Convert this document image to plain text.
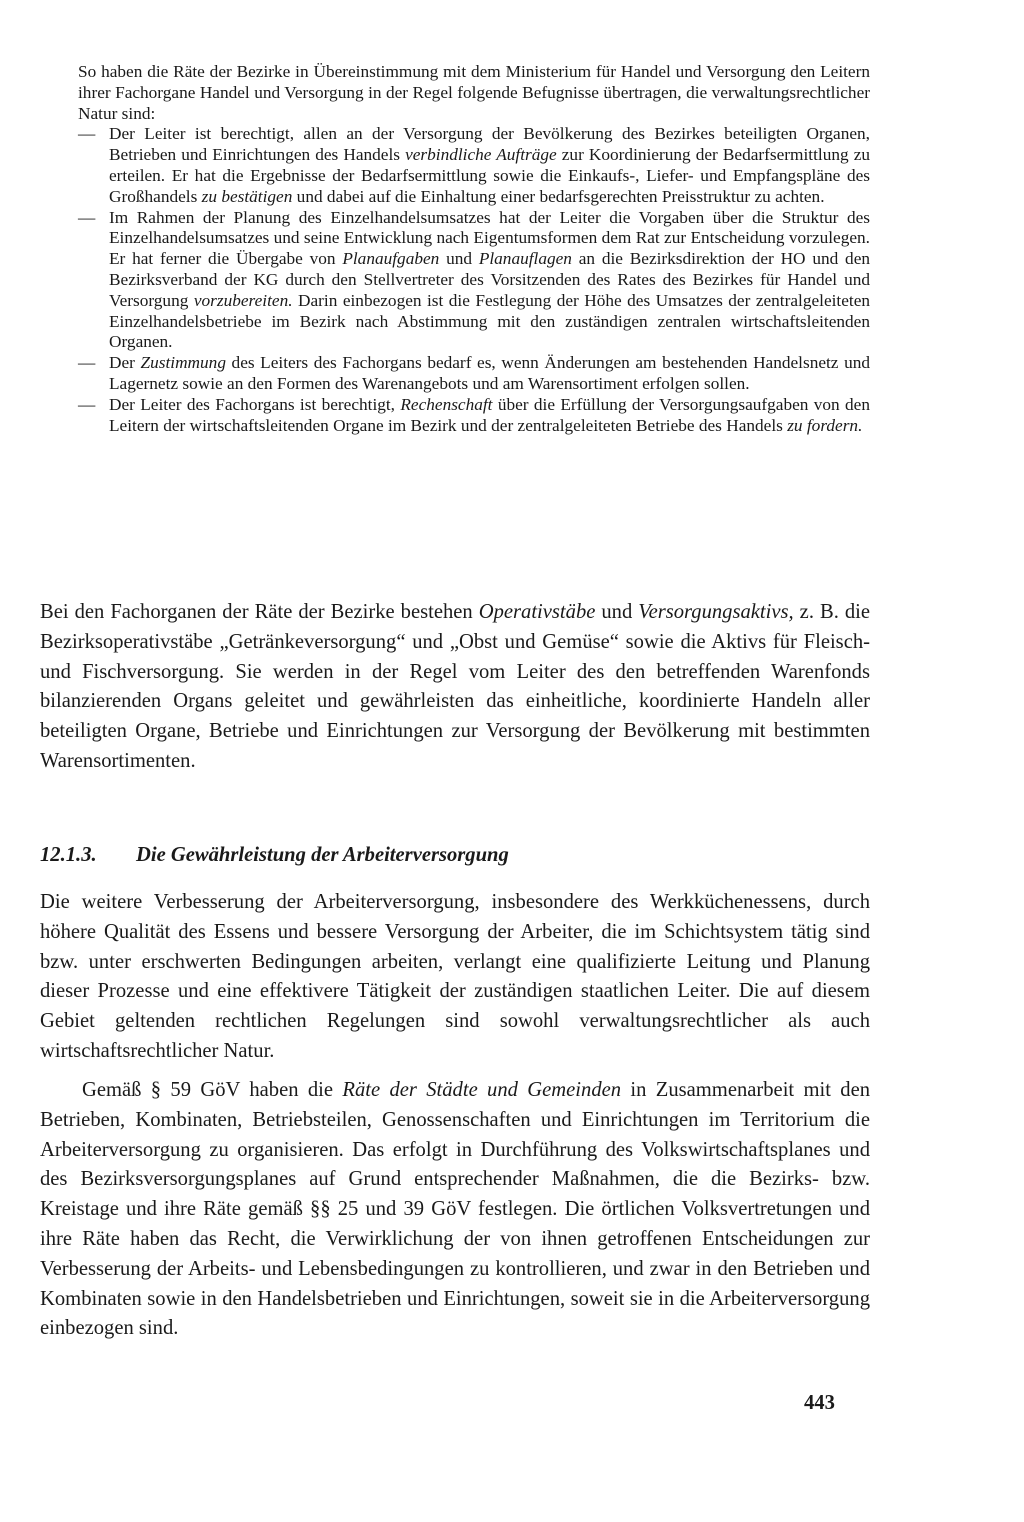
So haben die Räte der Bezirke in Übereinstimmung mit dem Ministerium für Handel und Versorgung den Leitern ihrer Fachorgane Handel und Versorgung in der Regel folgende Befugnisse übertragen, die verwaltungsrechtlicher Natur sind:

— Der Leiter ist berechtigt, allen an der Versorgung der Bevölkerung des Bezirkes beteiligten Organen, Betrieben und Einrichtungen des Handels verbindliche Aufträge zur Koordinierung der Bedarfsermittlung zu erteilen. Er hat die Ergebnisse der Bedarfsermittlung sowie die Einkaufs-, Liefer- und Empfangspläne des Großhandels zu bestätigen und dabei auf die Einhaltung einer bedarfsgerechten Preisstruktur zu achten.
— Im Rahmen der Planung des Einzelhandelsumsatzes hat der Leiter die Vorgaben über die Struktur des Einzelhandelsumsatzes und seine Entwicklung nach Eigentumsformen dem Rat zur Entscheidung vorzulegen. Er hat ferner die Übergabe von Planaufgaben und Planauflagen an die Bezirksdirektion der HO und den Bezirksverband der KG durch den Stellvertreter des Vorsitzenden des Rates des Bezirkes für Handel und Versorgung vorzubereiten. Darin einbezogen ist die Festlegung der Höhe des Umsatzes der zentralgeleiteten Einzelhandelsbetriebe im Bezirk nach Abstimmung mit den zuständigen zentralen wirtschaftsleitenden Organen.
— Der Zustimmung des Leiters des Fachorgans bedarf es, wenn Änderungen am bestehenden Handelsnetz und Lagernetz sowie an den Formen des Warenangebots und am Warensortiment erfolgen sollen.
— Der Leiter des Fachorgans ist berechtigt, Rechenschaft über die Erfüllung der Versorgungsaufgaben von den Leitern der wirtschaftsleitenden Organe im Bezirk und der zentralgeleiteten Betriebe des Handels zu fordern.

Bei den Fachorganen der Räte der Bezirke bestehen Operativstäbe und Versorgungsaktivs, z. B. die Bezirksoperativstäbe „Getränkeversorgung“ und „Obst und Gemüse“ sowie die Aktivs für Fleisch- und Fischversorgung. Sie werden in der Regel vom Leiter des den betreffenden Warenfonds bilanzierenden Organs geleitet und gewährleisten das einheitliche, koordinierte Handeln aller beteiligten Organe, Betriebe und Einrichtungen zur Versorgung der Bevölkerung mit bestimmten Warensortimenten.

12.1.3. Die Gewährleistung der Arbeiterversorgung

Die weitere Verbesserung der Arbeiterversorgung, insbesondere des Werkküchenessens, durch höhere Qualität des Essens und bessere Versorgung der Arbeiter, die im Schichtsystem tätig sind bzw. unter erschwerten Bedingungen arbeiten, verlangt eine qualifizierte Leitung und Planung dieser Prozesse und eine effektivere Tätigkeit der zuständigen staatlichen Leiter. Die auf diesem Gebiet geltenden rechtlichen Regelungen sind sowohl verwaltungsrechtlicher als auch wirtschaftsrechtlicher Natur.

Gemäß § 59 GöV haben die Räte der Städte und Gemeinden in Zusammenarbeit mit den Betrieben, Kombinaten, Betriebsteilen, Genossenschaften und Einrichtungen im Territorium die Arbeiterversorgung zu organisieren. Das erfolgt in Durchführung des Volkswirtschaftsplanes und des Bezirksversorgungsplanes auf Grund entsprechender Maßnahmen, die die Bezirks- bzw. Kreistage und ihre Räte gemäß §§ 25 und 39 GöV festlegen. Die örtlichen Volksvertretungen und ihre Räte haben das Recht, die Verwirklichung der von ihnen getroffenen Entscheidungen zur Verbesserung der Arbeits- und Lebensbedingungen zu kontrollieren, und zwar in den Betrieben und Kombinaten sowie in den Handelsbetrieben und Einrichtungen, soweit sie in die Arbeiterversorgung einbezogen sind.

443
